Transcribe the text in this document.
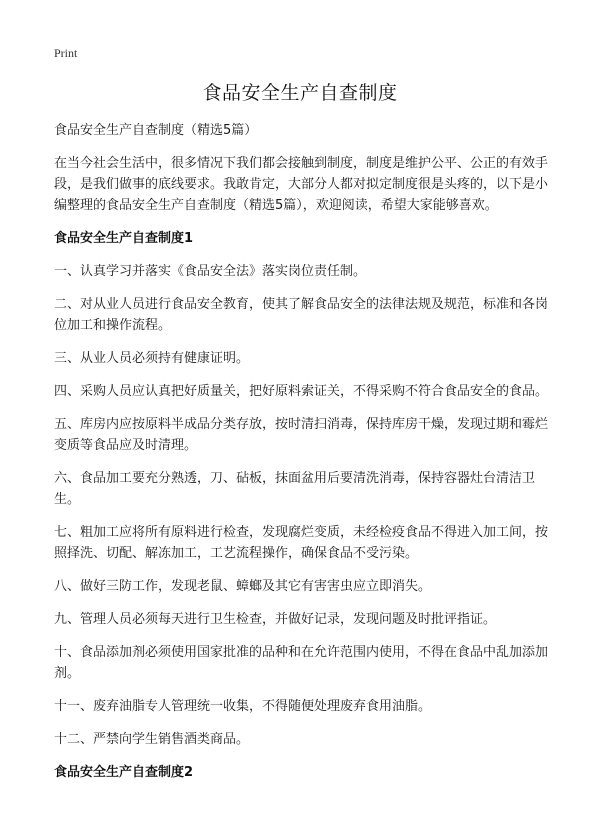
Print
食品安全生产自查制度

食品安全生产自查制度（精选5篇）

在当今社会生活中，很多情况下我们都会接触到制度，制度是维护公平、公正的有效手段，是我们做事的底线要求。我敢肯定，大部分人都对拟定制度很是头疼的，以下是小编整理的食品安全生产自查制度（精选5篇），欢迎阅读，希望大家能够喜欢。

食品安全生产自查制度1

一、认真学习并落实《食品安全法》落实岗位责任制。

二、对从业人员进行食品安全教育，使其了解食品安全的法律法规及规范，标准和各岗位加工和操作流程。

三、从业人员必须持有健康证明。

四、采购人员应认真把好质量关，把好原料索证关，不得采购不符合食品安全的食品。

五、库房内应按原料半成品分类存放，按时清扫消毒，保持库房干燥，发现过期和霉烂变质等食品应及时清理。

六、食品加工要充分熟透，刀、砧板，抹面盆用后要清洗消毒，保持容器灶台清洁卫生。

七、粗加工应将所有原料进行检查，发现腐烂变质，未经检疫食品不得进入加工间，按照择洗、切配、解冻加工，工艺流程操作，确保食品不受污染。

八、做好三防工作，发现老鼠、蟑螂及其它有害害虫应立即消失。

九、管理人员必须每天进行卫生检查，并做好记录，发现问题及时批评指证。

十、食品添加剂必须使用国家批准的品种和在允许范围内使用，不得在食品中乱加添加剂。

十一、废弃油脂专人管理统一收集，不得随便处理废弃食用油脂。

十二、严禁向学生销售酒类商品。

食品安全生产自查制度2
